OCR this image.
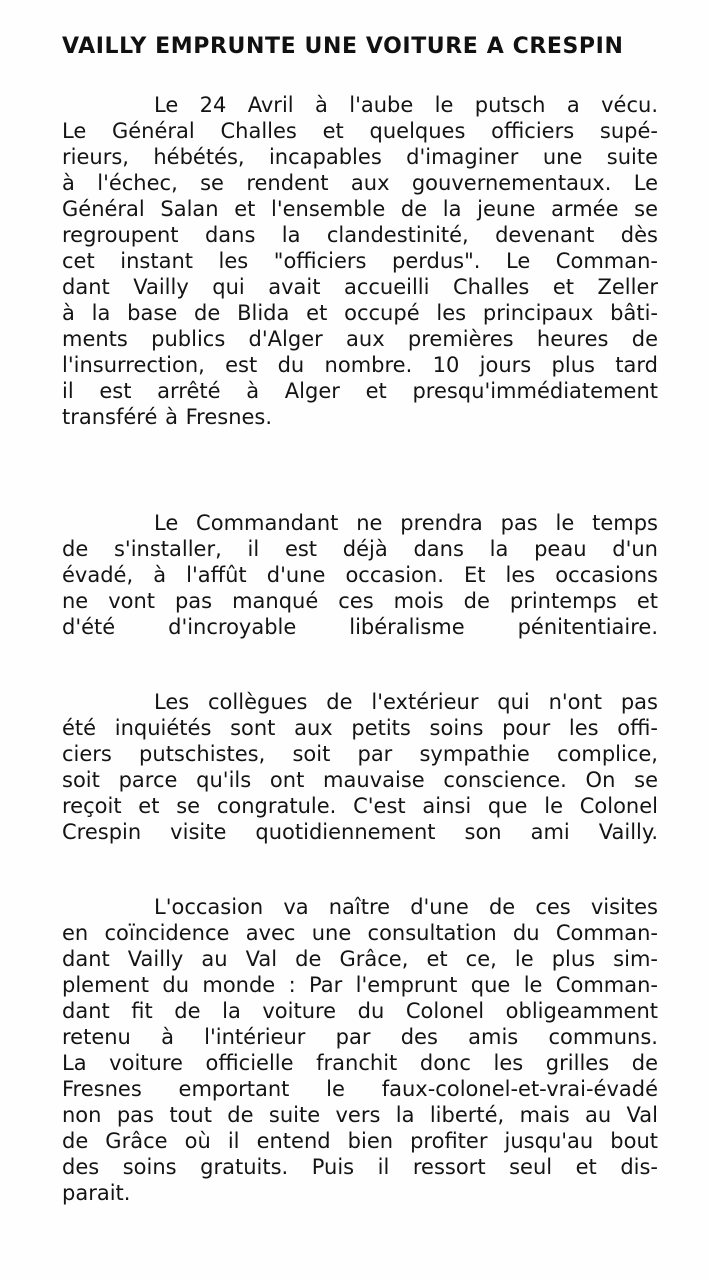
VAILLY EMPRUNTE UNE VOITURE A CRESPIN
Le 24 Avril à l'aube le putsch a vécu.
Le Général Challes et quelques officiers supé-
rieurs, hébétés, incapables d'imaginer une suite
à l'échec, se rendent aux gouvernementaux. Le
Général Salan et l'ensemble de la jeune armée se
regroupent dans la clandestinité, devenant dès
cet instant les "officiers perdus". Le Comman-
dant Vailly qui avait accueilli Challes et Zeller
à la base de Blida et occupé les principaux bâti-
ments publics d'Alger aux premières heures de
l'insurrection, est du nombre. 10 jours plus tard
il est arrêté à Alger et presqu'immédiatement
transféré à Fresnes.
Le Commandant ne prendra pas le temps
de s'installer, il est déjà dans la peau d'un
évadé, à l'affût d'une occasion. Et les occasions
ne vont pas manqué ces mois de printemps et
d'été d'incroyable libéralisme pénitentiaire.
Les collègues de l'extérieur qui n'ont pas
été inquiétés sont aux petits soins pour les offi-
ciers putschistes, soit par sympathie complice,
soit parce qu'ils ont mauvaise conscience. On se
reçoit et se congratule. C'est ainsi que le Colonel
Crespin visite quotidiennement son ami Vailly.
L'occasion va naître d'une de ces visites
en coïncidence avec une consultation du Comman-
dant Vailly au Val de Grâce, et ce, le plus sim-
plement du monde : Par l'emprunt que le Comman-
dant fit de la voiture du Colonel obligeamment
retenu à l'intérieur par des amis communs.
La voiture officielle franchit donc les grilles de
Fresnes emportant le faux-colonel-et-vrai-évadé
non pas tout de suite vers la liberté, mais au Val
de Grâce où il entend bien profiter jusqu'au bout
des soins gratuits. Puis il ressort seul et dis-
parait.
